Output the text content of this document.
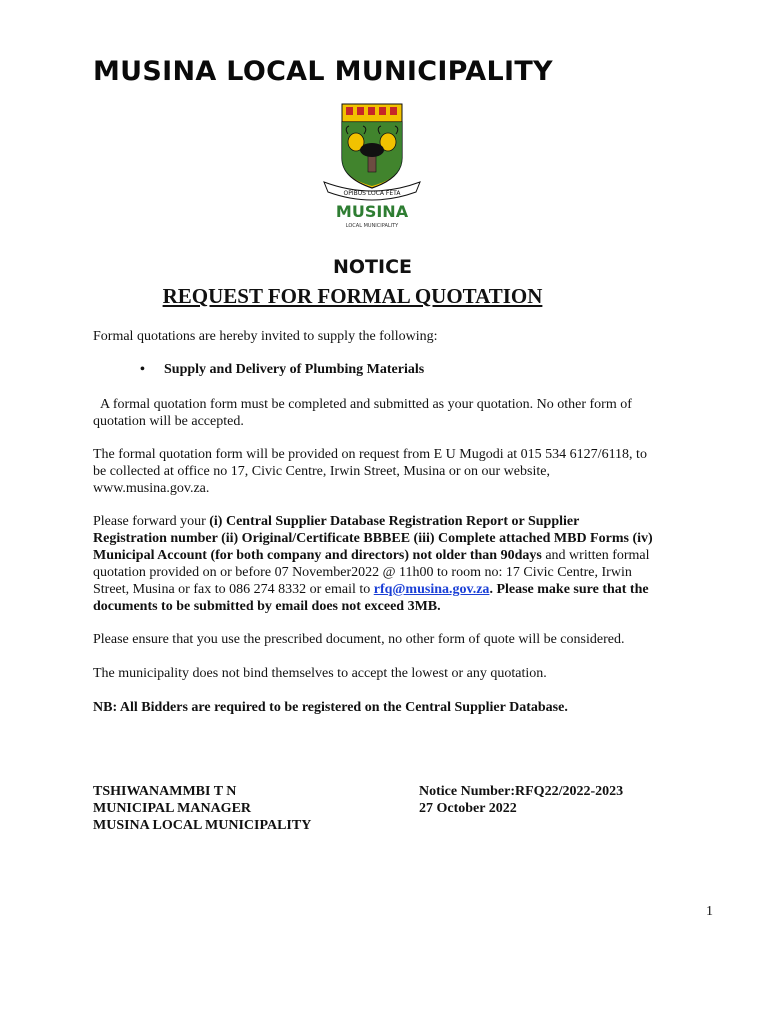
MUSINA LOCAL MUNICIPALITY
OPIBUS LOCA FETA
MUSINA
LOCAL MUNICIPALITY
NOTICE
REQUEST FOR FORMAL QUOTATION

Formal quotations are hereby invited to supply the following:

• Supply and Delivery of Plumbing Materials
A formal quotation form must be completed and submitted as your quotation. No other form of
quotation will be accepted.
The formal quotation form will be provided on request from E U Mugodi at 015 534 6127/6118, to
be collected at office no 17, Civic Centre, Irwin Street, Musina or on our website,
www.musina.gov.za.
Please forward your (i) Central Supplier Database Registration Report or Supplier
Registration number (ii) Original/Certificate BBBEE (iii) Complete attached MBD Forms (iv)
Municipal Account (for both company and directors) not older than 90days and written formal
quotation provided on or before 07 November2022 @ 11h00 to room no: 17 Civic Centre, Irwin
Street, Musina or fax to 086 274 8332 or email to rfq@musina.gov.za. Please make sure that the
documents to be submitted by email does not exceed 3MB.

Please ensure that you use the prescribed document, no other form of quote will be considered.

The municipality does not bind themselves to accept the lowest or any quotation.

NB: All Bidders are required to be registered on the Central Supplier Database.

TSHIWANAMMBI T N
MUNICIPAL MANAGER
MUSINA LOCAL MUNICIPALITY
Notice Number:RFQ22/2022-2023
27 October 2022
1
